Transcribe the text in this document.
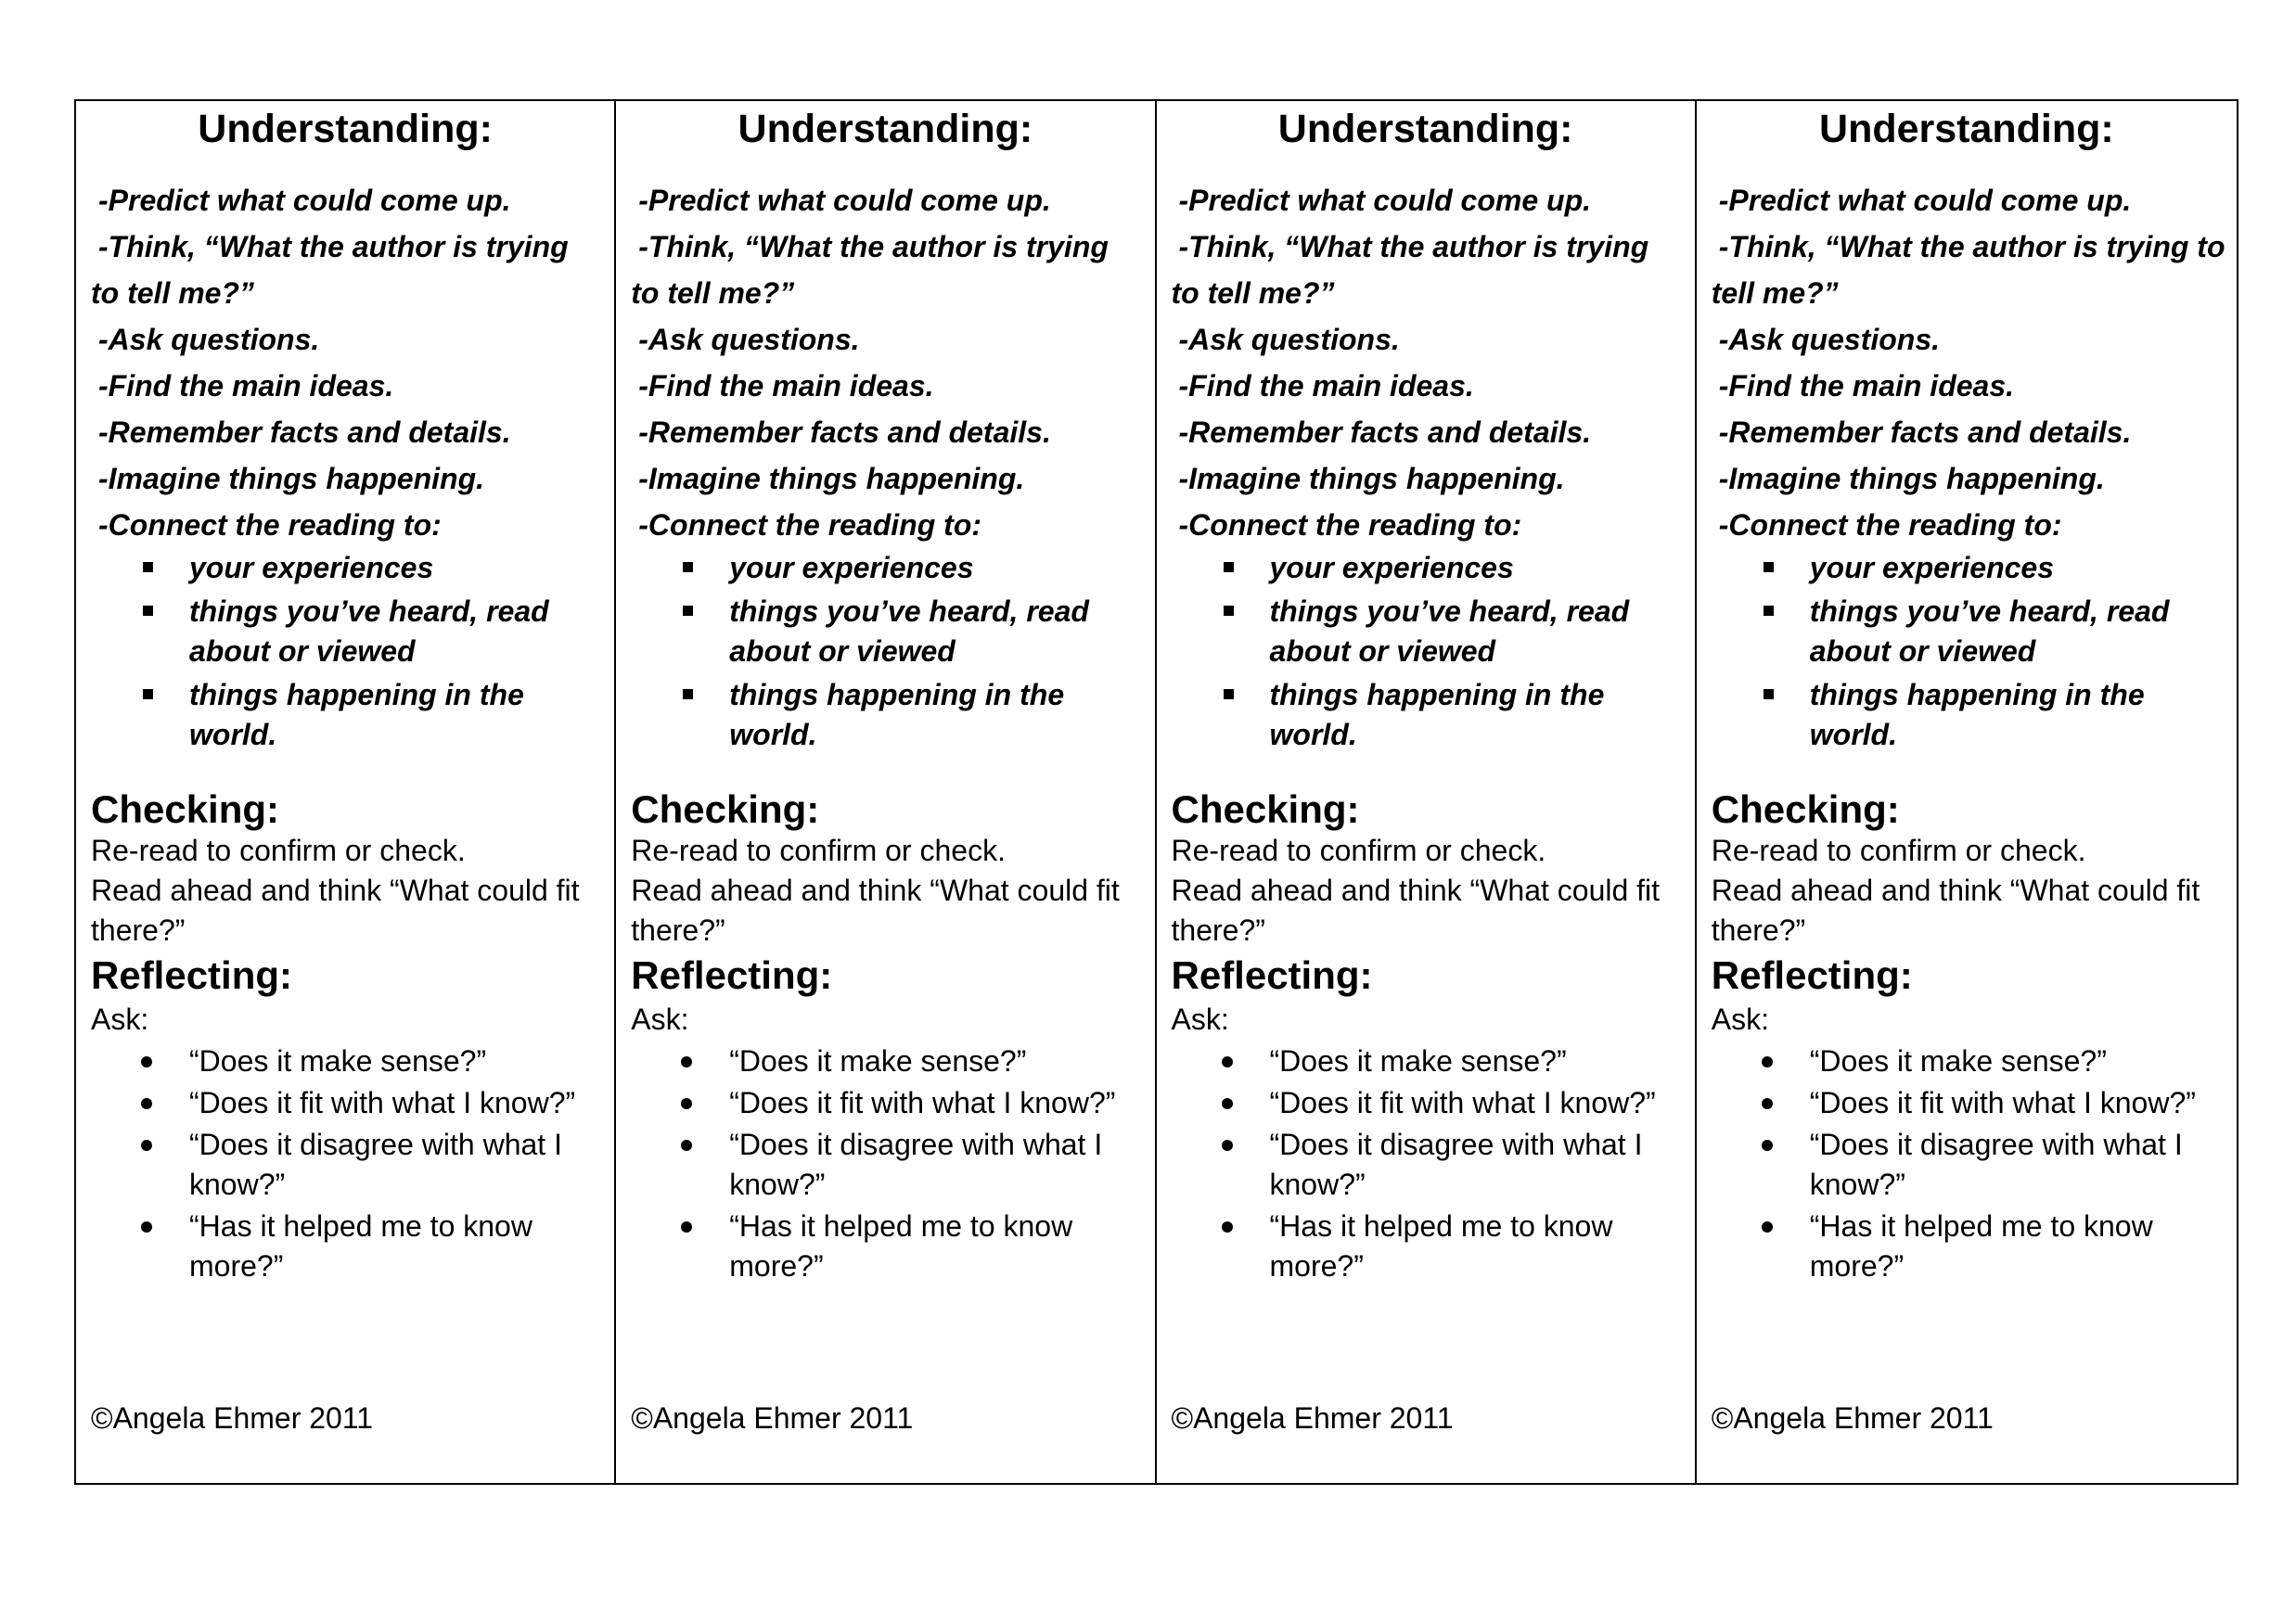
Understanding:
-Predict what could come up.
-Think, “What the author is trying
to tell me?”
-Ask questions.
-Find the main ideas.
-Remember facts and details.
-Imagine things happening.
-Connect the reading to:
your experiences
things you’ve heard, read about or viewed
things happening in the world.
Checking:
Re-read to confirm or check.
Read ahead and think “What could fit there?”
Reflecting:
Ask:
“Does it make sense?”
“Does it fit with what I know?”
“Does it disagree with what I know?”
“Has it helped me to know more?”
©Angela Ehmer 2011
Understanding:
-Predict what could come up.
-Think, “What the author is trying
to tell me?”
-Ask questions.
-Find the main ideas.
-Remember facts and details.
-Imagine things happening.
-Connect the reading to:
your experiences
things you’ve heard, read about or viewed
things happening in the world.
Checking:
Re-read to confirm or check.
Read ahead and think “What could fit there?”
Reflecting:
Ask:
“Does it make sense?”
“Does it fit with what I know?”
“Does it disagree with what I know?”
“Has it helped me to know more?”
©Angela Ehmer 2011
Understanding:
-Predict what could come up.
-Think, “What the author is trying
to tell me?”
-Ask questions.
-Find the main ideas.
-Remember facts and details.
-Imagine things happening.
-Connect the reading to:
your experiences
things you’ve heard, read about or viewed
things happening in the world.
Checking:
Re-read to confirm or check.
Read ahead and think “What could fit there?”
Reflecting:
Ask:
“Does it make sense?”
“Does it fit with what I know?”
“Does it disagree with what I know?”
“Has it helped me to know more?”
©Angela Ehmer 2011
Understanding:
-Predict what could come up.
-Think, “What the author is trying to
tell me?”
-Ask questions.
-Find the main ideas.
-Remember facts and details.
-Imagine things happening.
-Connect the reading to:
your experiences
things you’ve heard, read about or viewed
things happening in the world.
Checking:
Re-read to confirm or check.
Read ahead and think “What could fit there?”
Reflecting:
Ask:
“Does it make sense?”
“Does it fit with what I know?”
“Does it disagree with what I know?”
“Has it helped me to know more?”
©Angela Ehmer 2011
